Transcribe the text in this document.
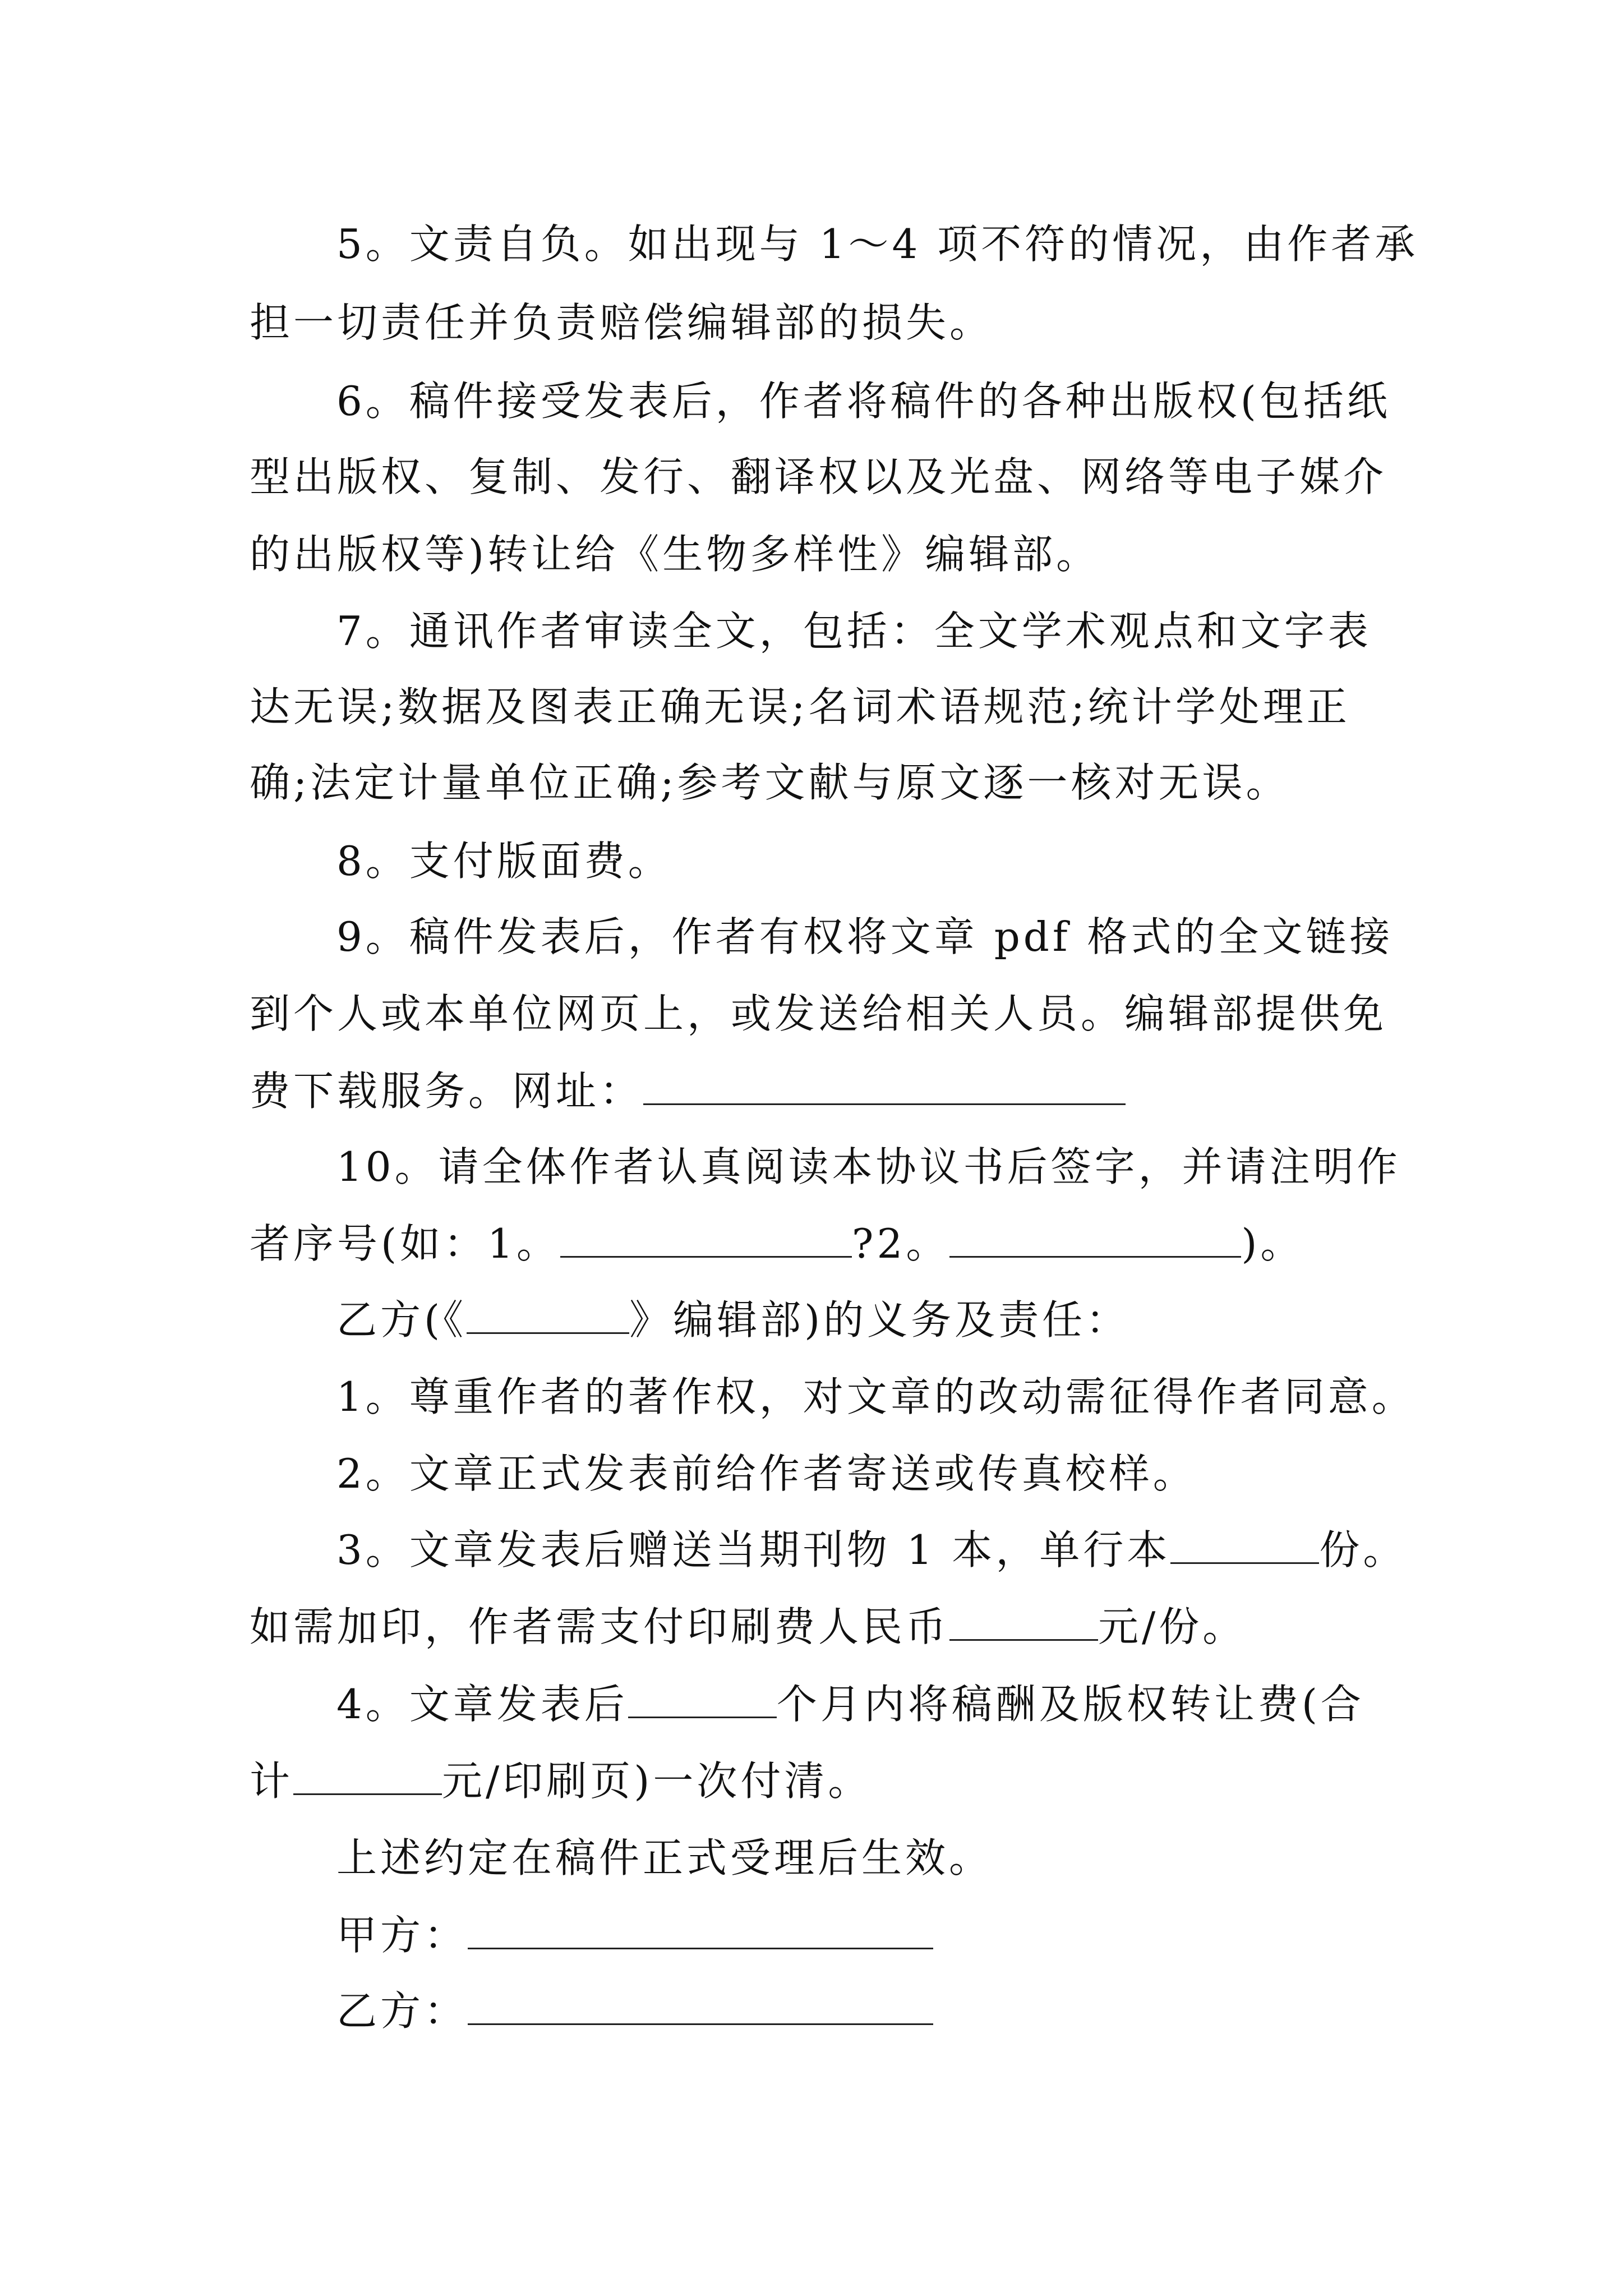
5。文责自负。如出现与 1～4 项不符的情况，由作者承
担一切责任并负责赔偿编辑部的损失。
6。稿件接受发表后，作者将稿件的各种出版权(包括纸
型出版权、复制、发行、翻译权以及光盘、网络等电子媒介
的出版权等)转让给《生物多样性》编辑部。
7。通讯作者审读全文，包括：全文学术观点和文字表
达无误;数据及图表正确无误;名词术语规范;统计学处理正
确;法定计量单位正确;参考文献与原文逐一核对无误。
8。支付版面费。
9。稿件发表后，作者有权将文章 pdf 格式的全文链接
到个人或本单位网页上，或发送给相关人员。编辑部提供免
费下载服务。网址：
10。请全体作者认真阅读本协议书后签字，并请注明作
者序号(如：1。	?2。	)。
乙方(《	》编辑部)的义务及责任：
1。尊重作者的著作权，对文章的改动需征得作者同意。
2。文章正式发表前给作者寄送或传真校样。
3。文章发表后赠送当期刊物 1 本，单行本	份。
如需加印，作者需支付印刷费人民币	元/份。
4。文章发表后	个月内将稿酬及版权转让费(合
计	元/印刷页)一次付清。
上述约定在稿件正式受理后生效。
甲方：
乙方：
